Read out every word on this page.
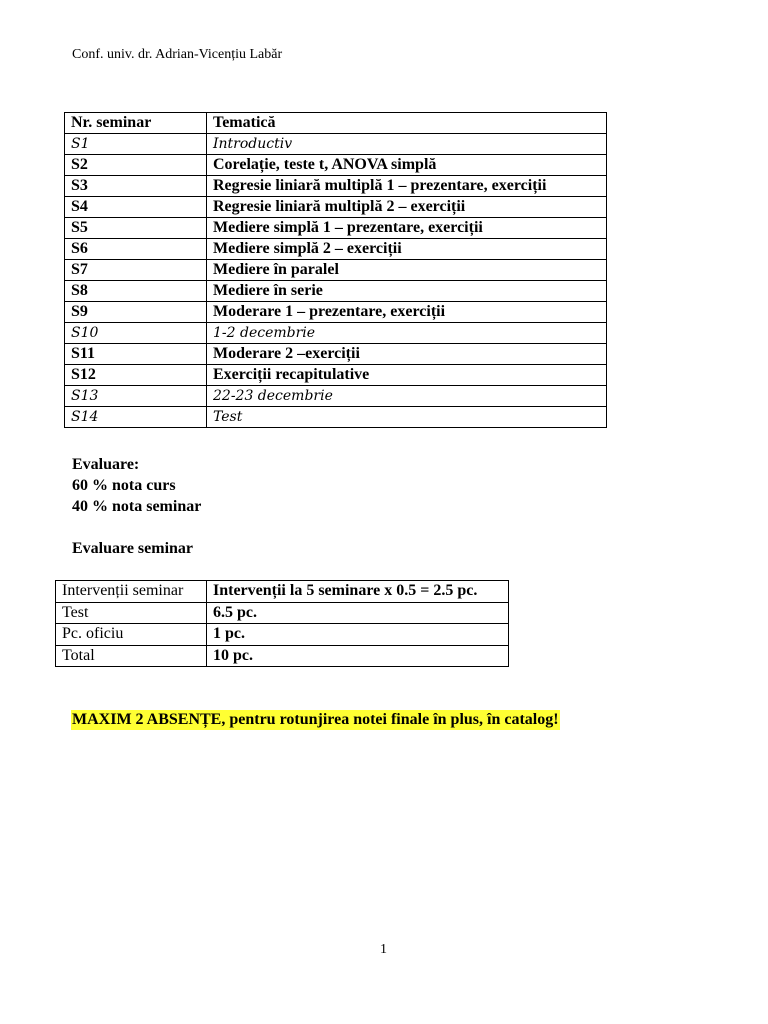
Conf. univ. dr. Adrian-Vicențiu Labăr
Nr. seminar	Tematică
S1	Introductiv
S2	Corelație, teste t, ANOVA simplă
S3	Regresie liniară multiplă 1 – prezentare, exerciții
S4	Regresie liniară multiplă 2 – exerciții
S5	Mediere simplă 1 – prezentare, exerciții
S6	Mediere simplă 2 – exerciții
S7	Mediere în paralel
S8	Mediere în serie
S9	Moderare 1 – prezentare, exerciții
S10	1-2 decembrie
S11	Moderare 2 –exerciții
S12	Exerciții recapitulative
S13	22-23 decembrie
S14	Test
Evaluare:
60 % nota curs
40 % nota seminar
Evaluare seminar
Intervenții seminar	Intervenții la 5 seminare x 0.5 = 2.5 pc.
Test	6.5 pc.
Pc. oficiu	1 pc.
Total	10 pc.
MAXIM 2 ABSENȚE, pentru rotunjirea notei finale în plus, în catalog!
1
